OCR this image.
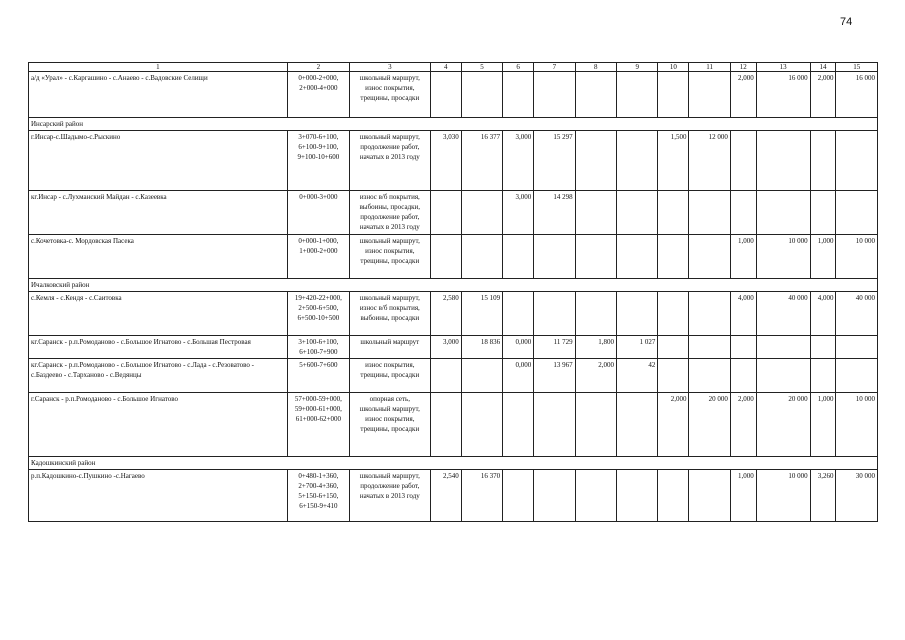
74
1	2	3	4	5	6	7	8	9	10	11	12	13	14	15
а/д «Урал» - с.Каргашино - с.Анаево - с.Вадовские Селищи	0+000-2+000,
2+000-4+000	школьный маршрут,
износ покрытия,
трещины, просадки									2,000	16 000	2,000	16 000
Инсарский район														
г.Инсар-с.Шадымо-с.Рыскино	3+070-6+100,
6+100-9+100,
9+100-10+600	школьный маршрут,
продолжение работ,
начатых в 2013 году	3,030	16 377	3,000	15 297			1,500	12 000				
кг.Инсар - с.Лухманский Майдан - с.Казеевка	0+000-3+000	износ в/б покрытия,
выбоины, просадки,
продолжение работ,
начатых в 2013 году			3,000	14 298								
с.Кочетовка-с. Мордовская Пасека	0+000-1+000,
1+000-2+000	школьный маршрут,
износ покрытия,
трещины, просадки									1,000	10 000	1,000	10 000
Ичалковский район														
с.Кемля - с.Кендя - с.Саитовка	19+420-22+000,
2+500-6+500,
6+500-10+500	школьный маршрут,
износ в/б покрытия,
выбоины, просадки	2,580	15 109							4,000	40 000	4,000	40 000
кг.Саранск - р.п.Ромоданово - с.Большое Игнатово - с.Большая Пестровая	3+100-6+100,
6+100-7+900	школьный маршрут	3,000	18 836	0,000	11 729	1,800	1 027						
кг.Саранск - р.п.Ромоданово - с.Большое Игнатово - с.Лада - с.Резоватово - с.Баздеево - с.Тарханово - с.Ведянцы	5+600-7+600	износ покрытия,
трещины, просадки			0,000	13 967	2,000	42						
г.Саранск - р.п.Ромоданово - с.Большое Игнатово	57+000-59+000,
59+000-61+000,
61+000-62+000	опорная сеть,
школьный маршрут,
износ покрытия,
трещины, просадки							2,000	20 000	2,000	20 000	1,000	10 000
Кадошкинский район														
р.п.Кадошкино-с.Пушкино -с.Нагаево	0+480-1+360,
2+700-4+360,
5+150-6+150,
6+150-9+410	школьный маршрут,
продолжение работ,
начатых в 2013 году	2,540	16 370							1,000	10 000	3,260	30 000
